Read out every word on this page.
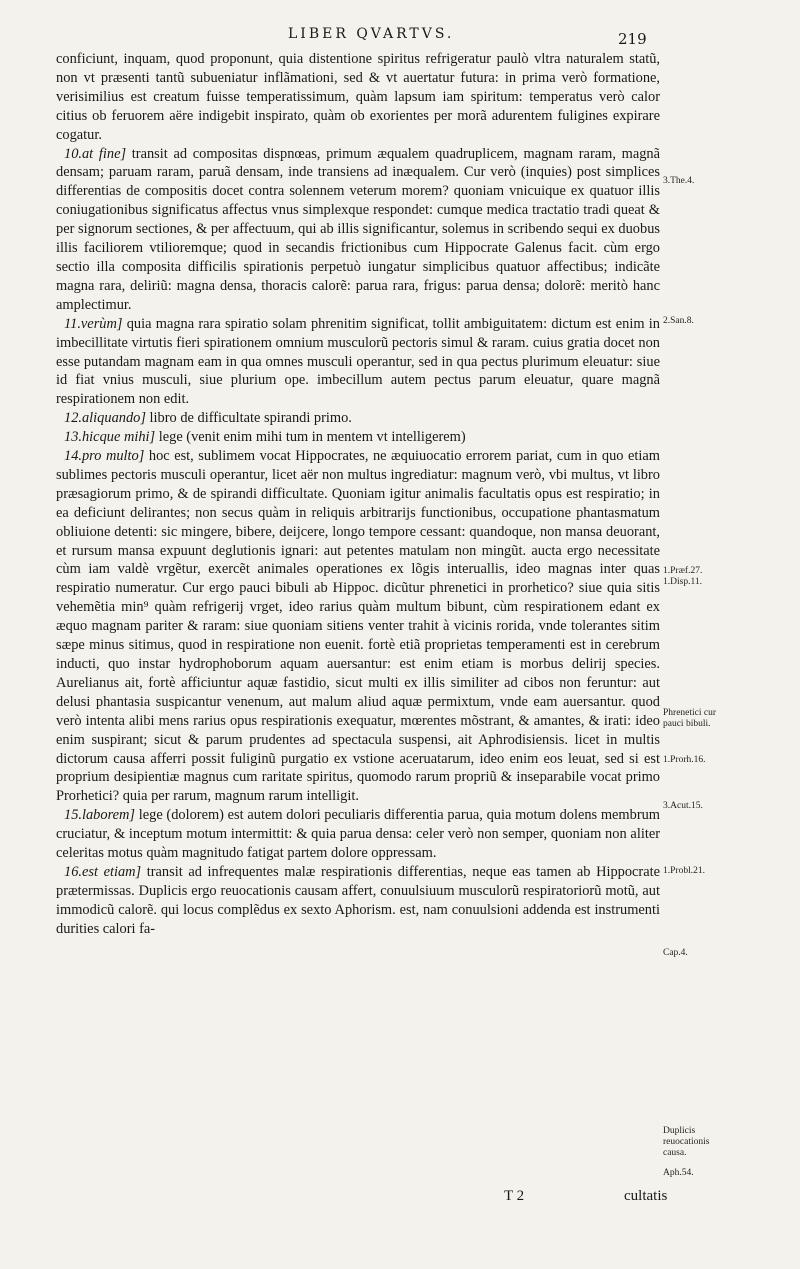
LIBER QVARTVS.	219

conficiunt, inquam, quod proponunt, quia distentione spiritus refrigeratur paulò vltra naturalem statũ, non vt præsenti tantũ subueniatur inflãmationi, sed & vt auertatur futura: in prima verò formatione, verisimilius est creatum fuisse temperatissimum, quàm lapsum iam spiritum: temperatus verò calor citius ob feruorem aëre indigebit inspirato, quàm ob exorientes per morã adurentem fuligines expirare cogatur.

10.at fine] transit ad compositas dispnœas, primum æqualem quadruplicem, magnam raram, magnã densam; paruam raram, paruã densam, inde transiens ad inæqualem. Cur verò (inquies) post simplices differentias de compositis docet contra solennem veterum morem? quoniam vnicuique ex quatuor illis coniugationibus significatus affectus vnus simplexque respondet: cumque medica tractatio tradi queat & per signorum sectiones, & per affectuum, qui ab illis significantur, solemus in scribendo sequi ex duobus illis faciliorem vtilioremque; quod in secandis frictionibus cum Hippocrate Galenus facit. cùm ergo sectio illa composita difficilis spirationis perpetuò iungatur simplicibus quatuor affectibus; indicãte magna rara, deliriũ: magna densa, thoracis calorẽ: parua rara, frigus: parua densa; dolorẽ: meritò hanc amplectimur.

11.verùm] quia magna rara spiratio solam phrenitim significat, tollit ambiguitatem: dictum est enim in imbecillitate virtutis fieri spirationem omnium musculorũ pectoris simul & raram. cuius gratia docet non esse putandam magnam eam in qua omnes musculi operantur, sed in qua pectus plurimum eleuatur: siue id fiat vnius musculi, siue plurium ope. imbecillum autem pectus parum eleuatur, quare magnã respirationem non edit.

12.aliquando] libro de difficultate spirandi primo.

13.hicque mihi] lege (venit enim mihi tum in mentem vt intelligerem)

14.pro multo] hoc est, sublimem vocat Hippocrates, ne æquiuocatio errorem pariat, cum in quo etiam sublimes pectoris musculi operantur, licet aër non multus ingrediatur: magnum verò, vbi multus, vt libro præsagiorum primo, & de spirandi difficultate. Quoniam igitur animalis facultatis opus est respiratio; in ea deficiunt delirantes; non secus quàm in reliquis arbitrarijs functionibus, occupatione phantasmatum obliuione detenti: sic mingere, bibere, deijcere, longo tempore cessant: quandoque, non mansa deuorant, et rursum mansa expuunt deglutionis ignari: aut petentes matulam non mingũt. aucta ergo necessitate cùm iam valdè vrgẽtur, exercẽt animales operationes ex lõgis interuallis, ideo magnas inter quas respiratio numeratur. Cur ergo pauci bibuli ab Hippoc. dicũtur phrenetici in prorhetico? siue quia sitis vehemẽtia min⁹ quàm refrigerij vrget, ideo rarius quàm multum bibunt, cùm respirationem edant ex æquo magnam pariter & raram: siue quoniam sitiens venter trahit à vicinis rorida, vnde tolerantes sitim sæpe minus sitimus, quod in respiratione non euenit. fortè etiã proprietas temperamenti est in cerebrum inducti, quo instar hydrophoborum aquam auersantur: est enim etiam is morbus delirij species. Aurelianus ait, fortè afficiuntur aquæ fastidio, sicut multi ex illis similiter ad cibos non feruntur: aut delusi phantasia suspicantur venenum, aut malum aliud aquæ permixtum, vnde eam auersantur. quod verò intenta alibi mens rarius opus respirationis exequatur, mœrentes mõstrant, & amantes, & irati: ideo enim suspirant; sicut & parum prudentes ad spectacula suspensi, ait Aphrodisiensis. licet in multis dictorum causa afferri possit fuliginũ purgatio ex vstione aceruatarum, ideo enim eos leuat, sed si est proprium desipientiæ magnus cum raritate spiritus, quomodo rarum propriũ & inseparabile vocat primo Prorhetici? quia per rarum, magnum rarum intelligit.

15.laborem] lege (dolorem) est autem dolori peculiaris differentia parua, quia motum dolens membrum cruciatur, & inceptum motum intermittit: & quia parua densa: celer verò non semper, quoniam non aliter celeritas motus quàm magnitudo fatigat partem dolore oppressam.

16.est etiam] transit ad infrequentes malæ respirationis differentias, neque eas tamen ab Hippocrate prætermissas. Duplicis ergo reuocationis causam affert, conuulsiuum musculorũ respiratoriorũ motũ, aut immodicũ calorẽ. qui locus complẽdus ex sexto Aphorism. est, nam conuulsioni addenda est instrumenti durities calori fa-

3.The.4.
2.San.8.
1.Præf.27. 1.Disp.11.
Phrenetici cur pauci bibuli.
1.Prorh.16.
3.Acut.15.
1.Probl.21.
Cap.4.
Duplicis reuocationis causa.
Aph.54.
T 2	cultatis
